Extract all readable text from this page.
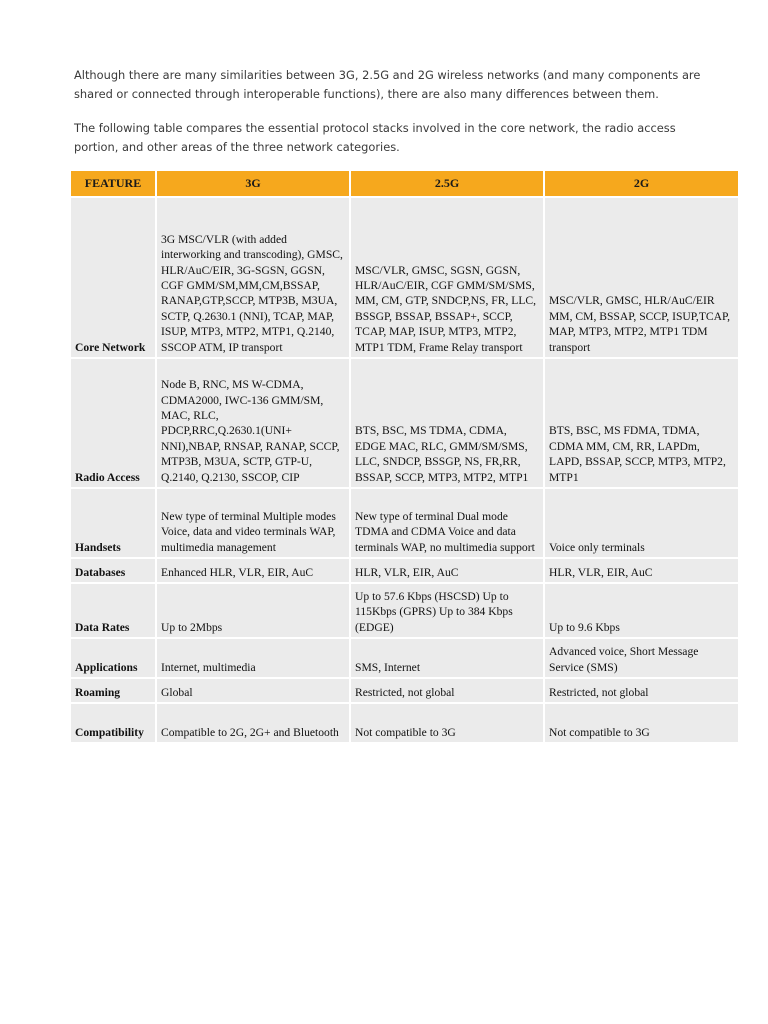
Although there are many similarities between 3G, 2.5G and 2G wireless networks (and many components are shared or connected through interoperable functions), there are also many differences between them.

The following table compares the essential protocol stacks involved in the core network, the radio access portion, and other areas of the three network categories.

FEATURE	3G	2.5G	2G
Core Network	3G MSC/VLR (with added interworking and transcoding), GMSC, HLR/AuC/EIR, 3G-SGSN, GGSN, CGF GMM/SM,MM,CM,BSSAP, RANAP,GTP,SCCP, MTP3B, M3UA, SCTP, Q.2630.1 (NNI), TCAP, MAP, ISUP, MTP3, MTP2, MTP1, Q.2140, SSCOP ATM, IP transport	MSC/VLR, GMSC, SGSN, GGSN, HLR/AuC/EIR, CGF GMM/SM/SMS, MM, CM, GTP, SNDCP,NS, FR, LLC, BSSGP, BSSAP, BSSAP+, SCCP, TCAP, MAP, ISUP, MTP3, MTP2, MTP1 TDM, Frame Relay transport	MSC/VLR, GMSC, HLR/AuC/EIR MM, CM, BSSAP, SCCP, ISUP,TCAP, MAP, MTP3, MTP2, MTP1 TDM transport
Radio Access	Node B, RNC, MS W-CDMA, CDMA2000, IWC-136 GMM/SM, MAC, RLC, PDCP,RRC,Q.2630.1(UNI+ NNI),NBAP, RNSAP, RANAP, SCCP, MTP3B, M3UA, SCTP, GTP-U, Q.2140, Q.2130, SSCOP, CIP	BTS, BSC, MS TDMA, CDMA, EDGE MAC, RLC, GMM/SM/SMS, LLC, SNDCP, BSSGP, NS, FR,RR, BSSAP, SCCP, MTP3, MTP2, MTP1	BTS, BSC, MS FDMA, TDMA, CDMA MM, CM, RR, LAPDm, LAPD, BSSAP, SCCP, MTP3, MTP2, MTP1
Handsets	New type of terminal Multiple modes Voice, data and video terminals WAP, multimedia management	New type of terminal Dual mode TDMA and CDMA Voice and data terminals WAP, no multimedia support	Voice only terminals
Databases	Enhanced HLR, VLR, EIR, AuC	HLR, VLR, EIR, AuC	HLR, VLR, EIR, AuC
Data Rates	Up to 2Mbps	Up to 57.6 Kbps (HSCSD) Up to 115Kbps (GPRS) Up to 384 Kbps (EDGE)	Up to 9.6 Kbps
Applications	Internet, multimedia	SMS, Internet	Advanced voice, Short Message Service (SMS)
Roaming	Global	Restricted, not global	Restricted, not global
Compatibility	Compatible to 2G, 2G+ and Bluetooth	Not compatible to 3G	Not compatible to 3G
